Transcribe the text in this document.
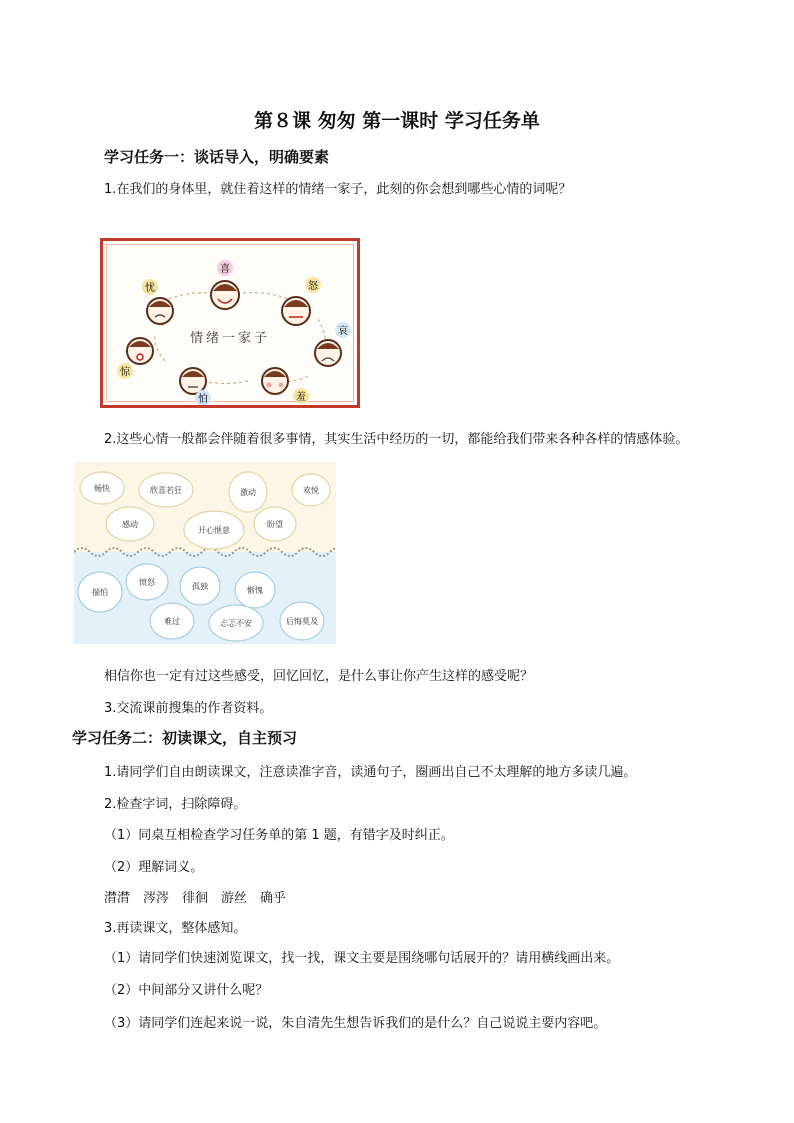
第８课 匆匆 第一课时 学习任务单
学习任务一：谈话导入，明确要素
1.在我们的身体里，就住着这样的情绪一家子，此刻的你会想到哪些心情的词呢？
喜
怒
哀
羞
怕
惊
忧
情绪一家子
2.这些心情一般都会伴随着很多事情，其实生活中经历的一切，都能给我们带来各种各样的情感体验。
畅快	欣喜若狂	激动	欢悦
感动
开心惬意
盼望
揣怕
愤怒	孤独	惭愧
难过	忐忑不安	后悔莫及
相信你也一定有过这些感受，回忆回忆，是什么事让你产生这样的感受呢？
3.交流课前搜集的作者资料。
学习任务二：初读课文，自主预习
1.请同学们自由朗读课文，注意读准字音，读通句子，圈画出自己不太理解的地方多读几遍。
2.检查字词，扫除障碍。
（1）同桌互相检查学习任务单的第 1 题，有错字及时纠正。
（2）理解词义。
潸潸　涔涔　徘徊　游丝　确乎
3.再读课文，整体感知。
（1）请同学们快速浏览课文，找一找，课文主要是围绕哪句话展开的？请用横线画出来。
（2）中间部分又讲什么呢？
（3）请同学们连起来说一说，朱自清先生想告诉我们的是什么？自己说说主要内容吧。
